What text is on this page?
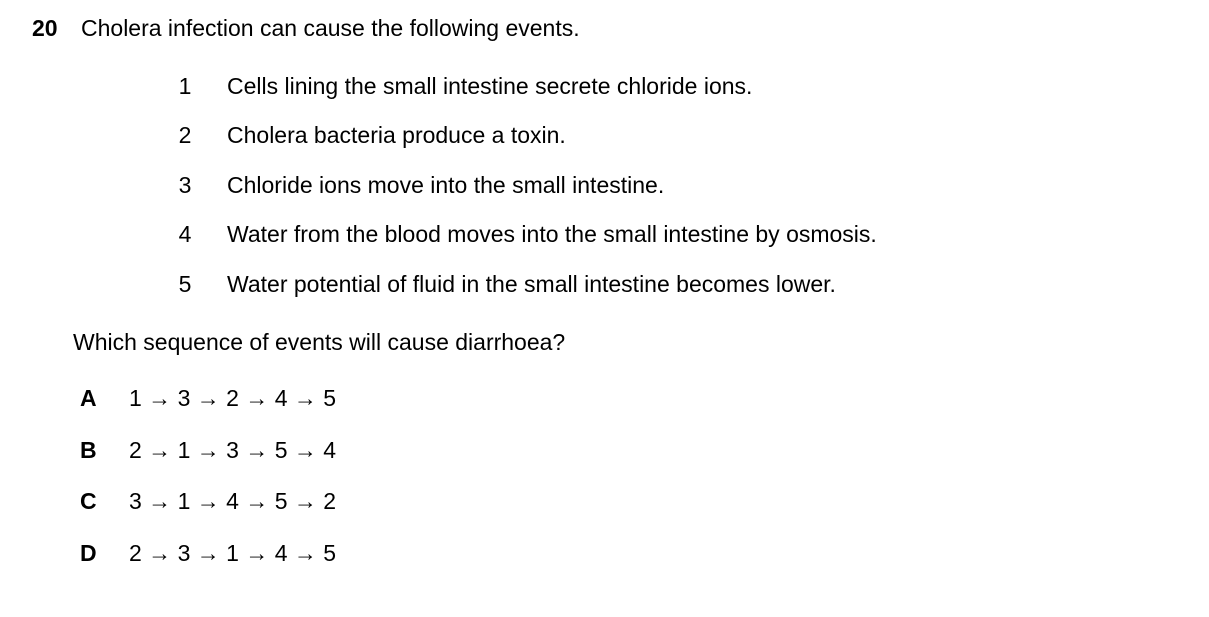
20 Cholera infection can cause the following events.
1 Cells lining the small intestine secrete chloride ions.
2 Cholera bacteria produce a toxin.
3 Chloride ions move into the small intestine.
4 Water from the blood moves into the small intestine by osmosis.
5 Water potential of fluid in the small intestine becomes lower.
Which sequence of events will cause diarrhoea?
A 1 → 3 → 2 → 4 → 5
B 2 → 1 → 3 → 5 → 4
C 3 → 1 → 4 → 5 → 2
D 2 → 3 → 1 → 4 → 5
